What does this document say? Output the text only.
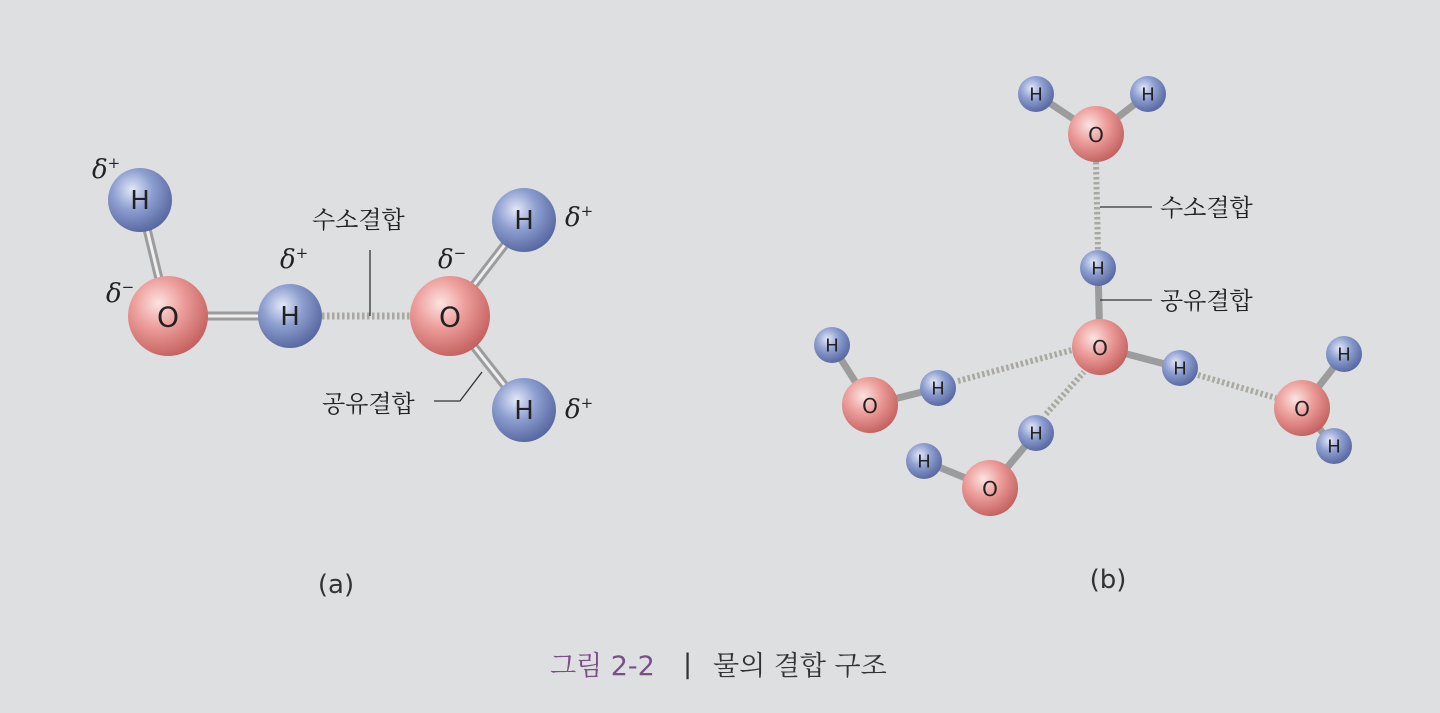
O
H
H	O
H
H
δ+
δ−
δ+	δ−
δ+
δ+
수소결합
공유결합
(a)
O
H	H
H
O
H
H
O
H
H
O
H
O
H
H
수소결합
공유결합
(b)
그림 2-2 | 물의 결합 구조
